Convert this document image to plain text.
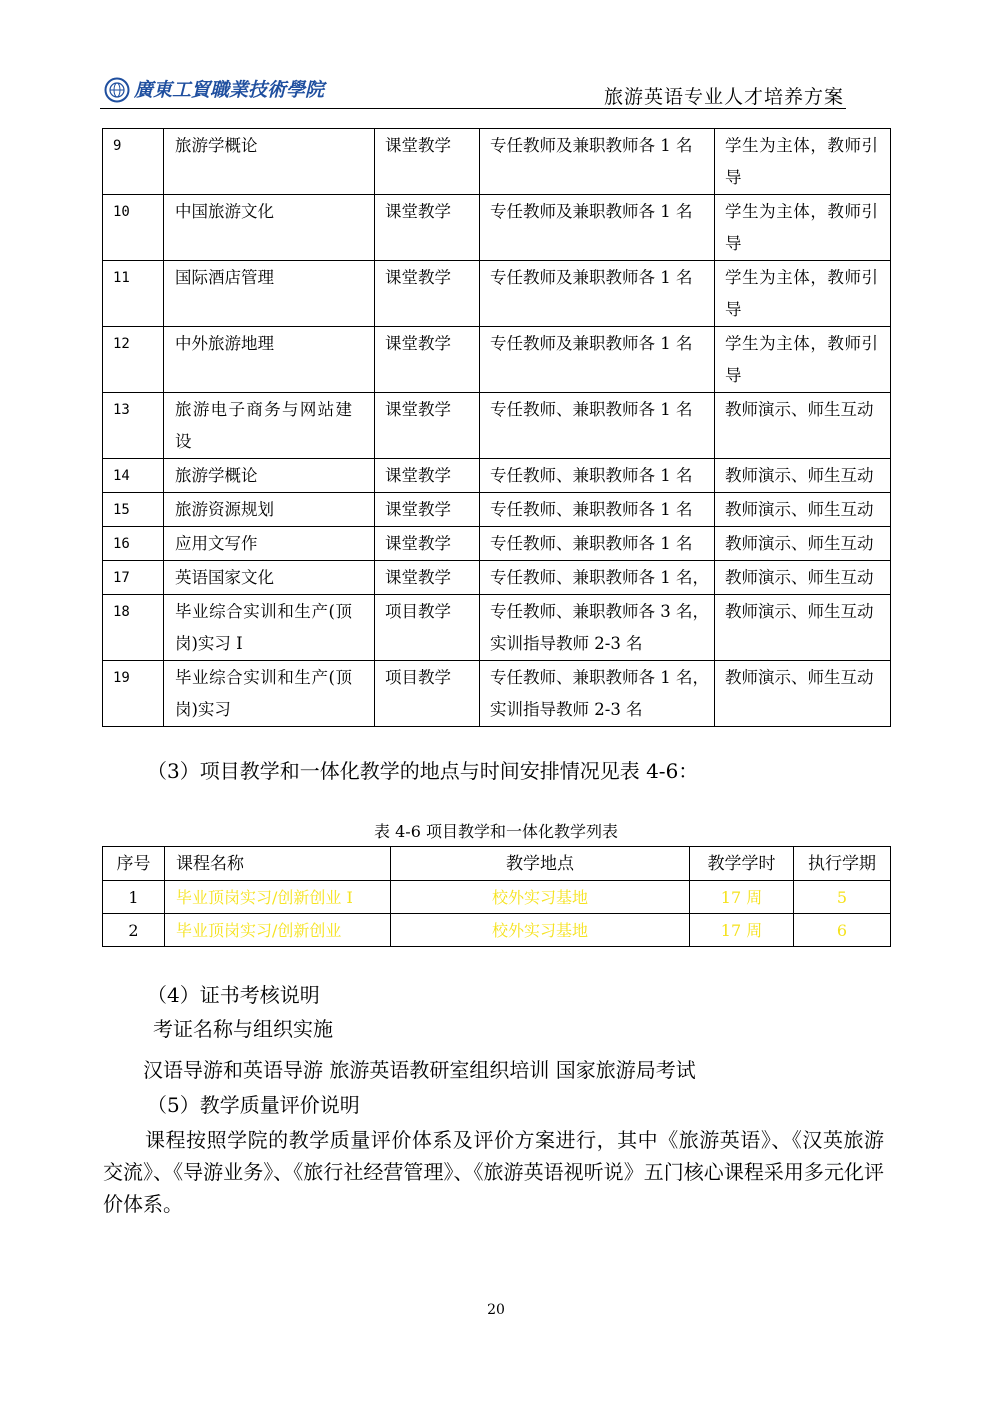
廣東工貿職業技術學院	旅游英语专业人才培养方案
9	旅游学概论	课堂教学	专任教师及兼职教师各 1 名	学生为主体，教师引导
10	中国旅游文化	课堂教学	专任教师及兼职教师各 1 名	学生为主体，教师引导
11	国际酒店管理	课堂教学	专任教师及兼职教师各 1 名	学生为主体，教师引导
12	中外旅游地理	课堂教学	专任教师及兼职教师各 1 名	学生为主体，教师引导
13	旅游电子商务与网站建设	课堂教学	专任教师、兼职教师各 1 名	教师演示、师生互动
14	旅游学概论	课堂教学	专任教师、兼职教师各 1 名	教师演示、师生互动
15	旅游资源规划	课堂教学	专任教师、兼职教师各 1 名	教师演示、师生互动
16	应用文写作	课堂教学	专任教师、兼职教师各 1 名	教师演示、师生互动
17	英语国家文化	课堂教学	专任教师、兼职教师各 1 名，	教师演示、师生互动
18	毕业综合实训和生产(顶岗)实习 I	项目教学	专任教师、兼职教师各 3 名，实训指导教师 2-3 名	教师演示、师生互动
19	毕业综合实训和生产(顶岗)实习	项目教学	专任教师、兼职教师各 1 名，实训指导教师 2-3 名	教师演示、师生互动
（3）项目教学和一体化教学的地点与时间安排情况见表 4-6：
表 4-6 项目教学和一体化教学列表
序号	课程名称	教学地点	教学学时	执行学期
1	毕业顶岗实习/创新创业 I	校外实习基地	17 周	5
2	毕业顶岗实习/创新创业	校外实习基地	17 周	6
（4）证书考核说明
考证名称与组织实施
汉语导游和英语导游 旅游英语教研室组织培训 国家旅游局考试
（5）教学质量评价说明
课程按照学院的教学质量评价体系及评价方案进行，其中《旅游英语》、《汉英旅游交流》、《导游业务》、《旅行社经营管理》、《旅游英语视听说》五门核心课程采用多元化评价体系。
20
